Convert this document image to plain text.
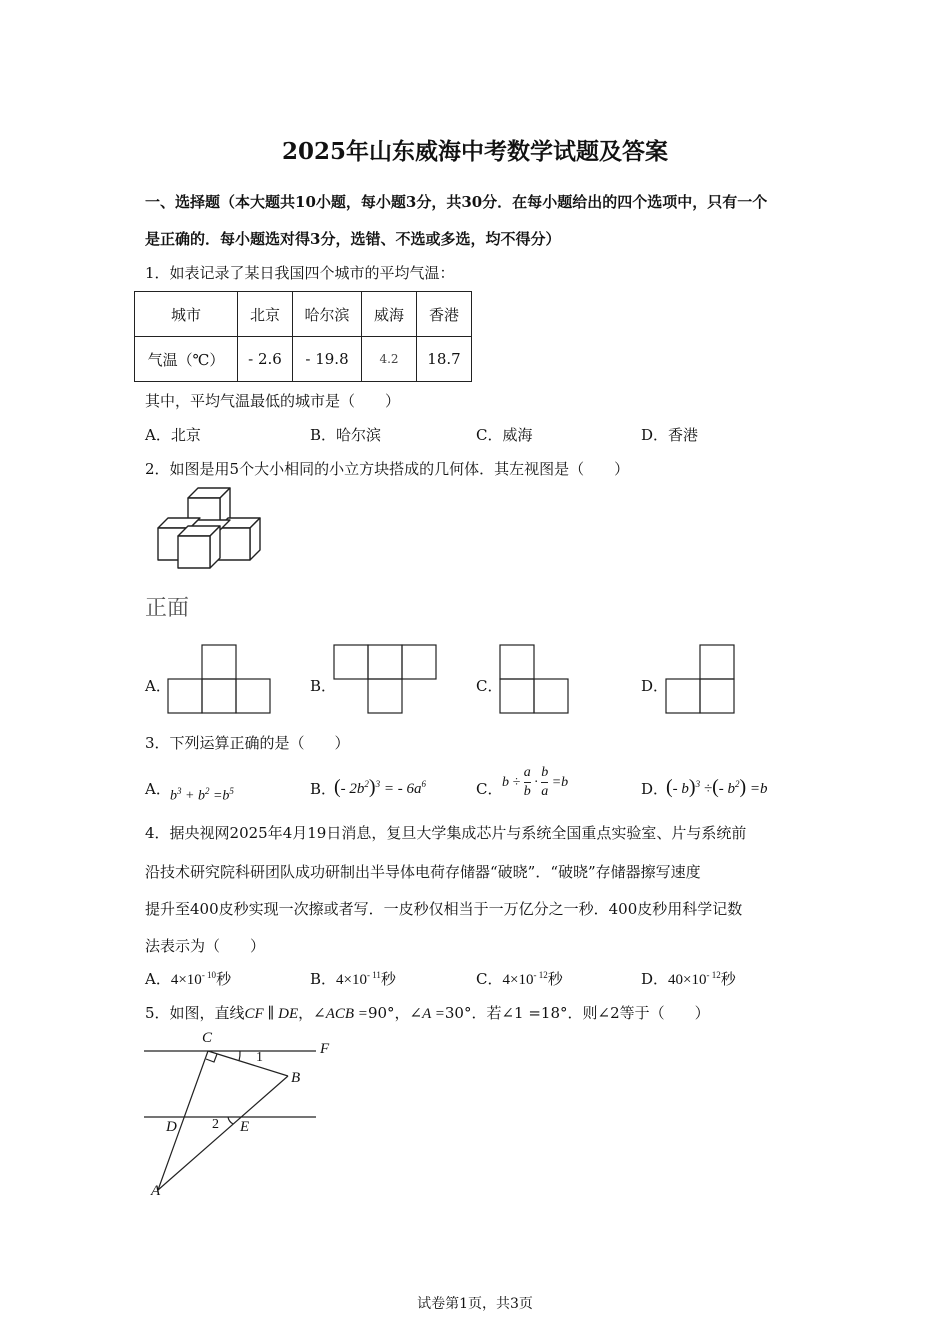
2025年山东威海中考数学试题及答案
一、选择题（本大题共10小题，每小题3分，共30分．在每小题给出的四个选项中，只有一个
是正确的．每小题选对得3分，选错、不选或多选，均不得分）
1．如表记录了某日我国四个城市的平均气温：
城市	北京	哈尔滨	威海	香港
气温（℃）	- 2.6	- 19.8	4.2	18.7
其中，平均气温最低的城市是（　　）
A．北京	B．哈尔滨	C．威海	D．香港
2．如图是用5个大小相同的小立方块搭成的几何体．其左视图是（　　）
正面
A．	B．	C．	D．
3．下列运算正确的是（　　）
A． $b^3 + b^2 =b^5$	B．
(- $2b^2)^3$ = - $6a^6$	C． $b \div \frac{a}{b} \cdot \frac{b}{a} =b$	D．
(- b)$^3$ ÷(- $b^2) =b$
4．据央视网2025年4月19日消息，复旦大学集成芯片与系统全国重点实验室、片与系统前
沿技术研究院科研团队成功研制出半导体电荷存储器“破晓”．“破晓”存储器擦写速度
提升至400皮秒实现一次擦或者写．一皮秒仅相当于一万亿分之一秒．400皮秒用科学记数
法表示为（　　）
A．$4\times 10^{- 10}$秒	B．$4\times 10^{- 11}$秒	C．$4\times 10^{- 12}$秒	D．$40\times 10^{- 12}$秒
5．如图，直线CF ∥ DE，∠ACB =90°，∠A =30°．若∠1 =18°．则∠2等于（　　）
C
F
1
B
D	2 E
A
试卷第1页，共3页
